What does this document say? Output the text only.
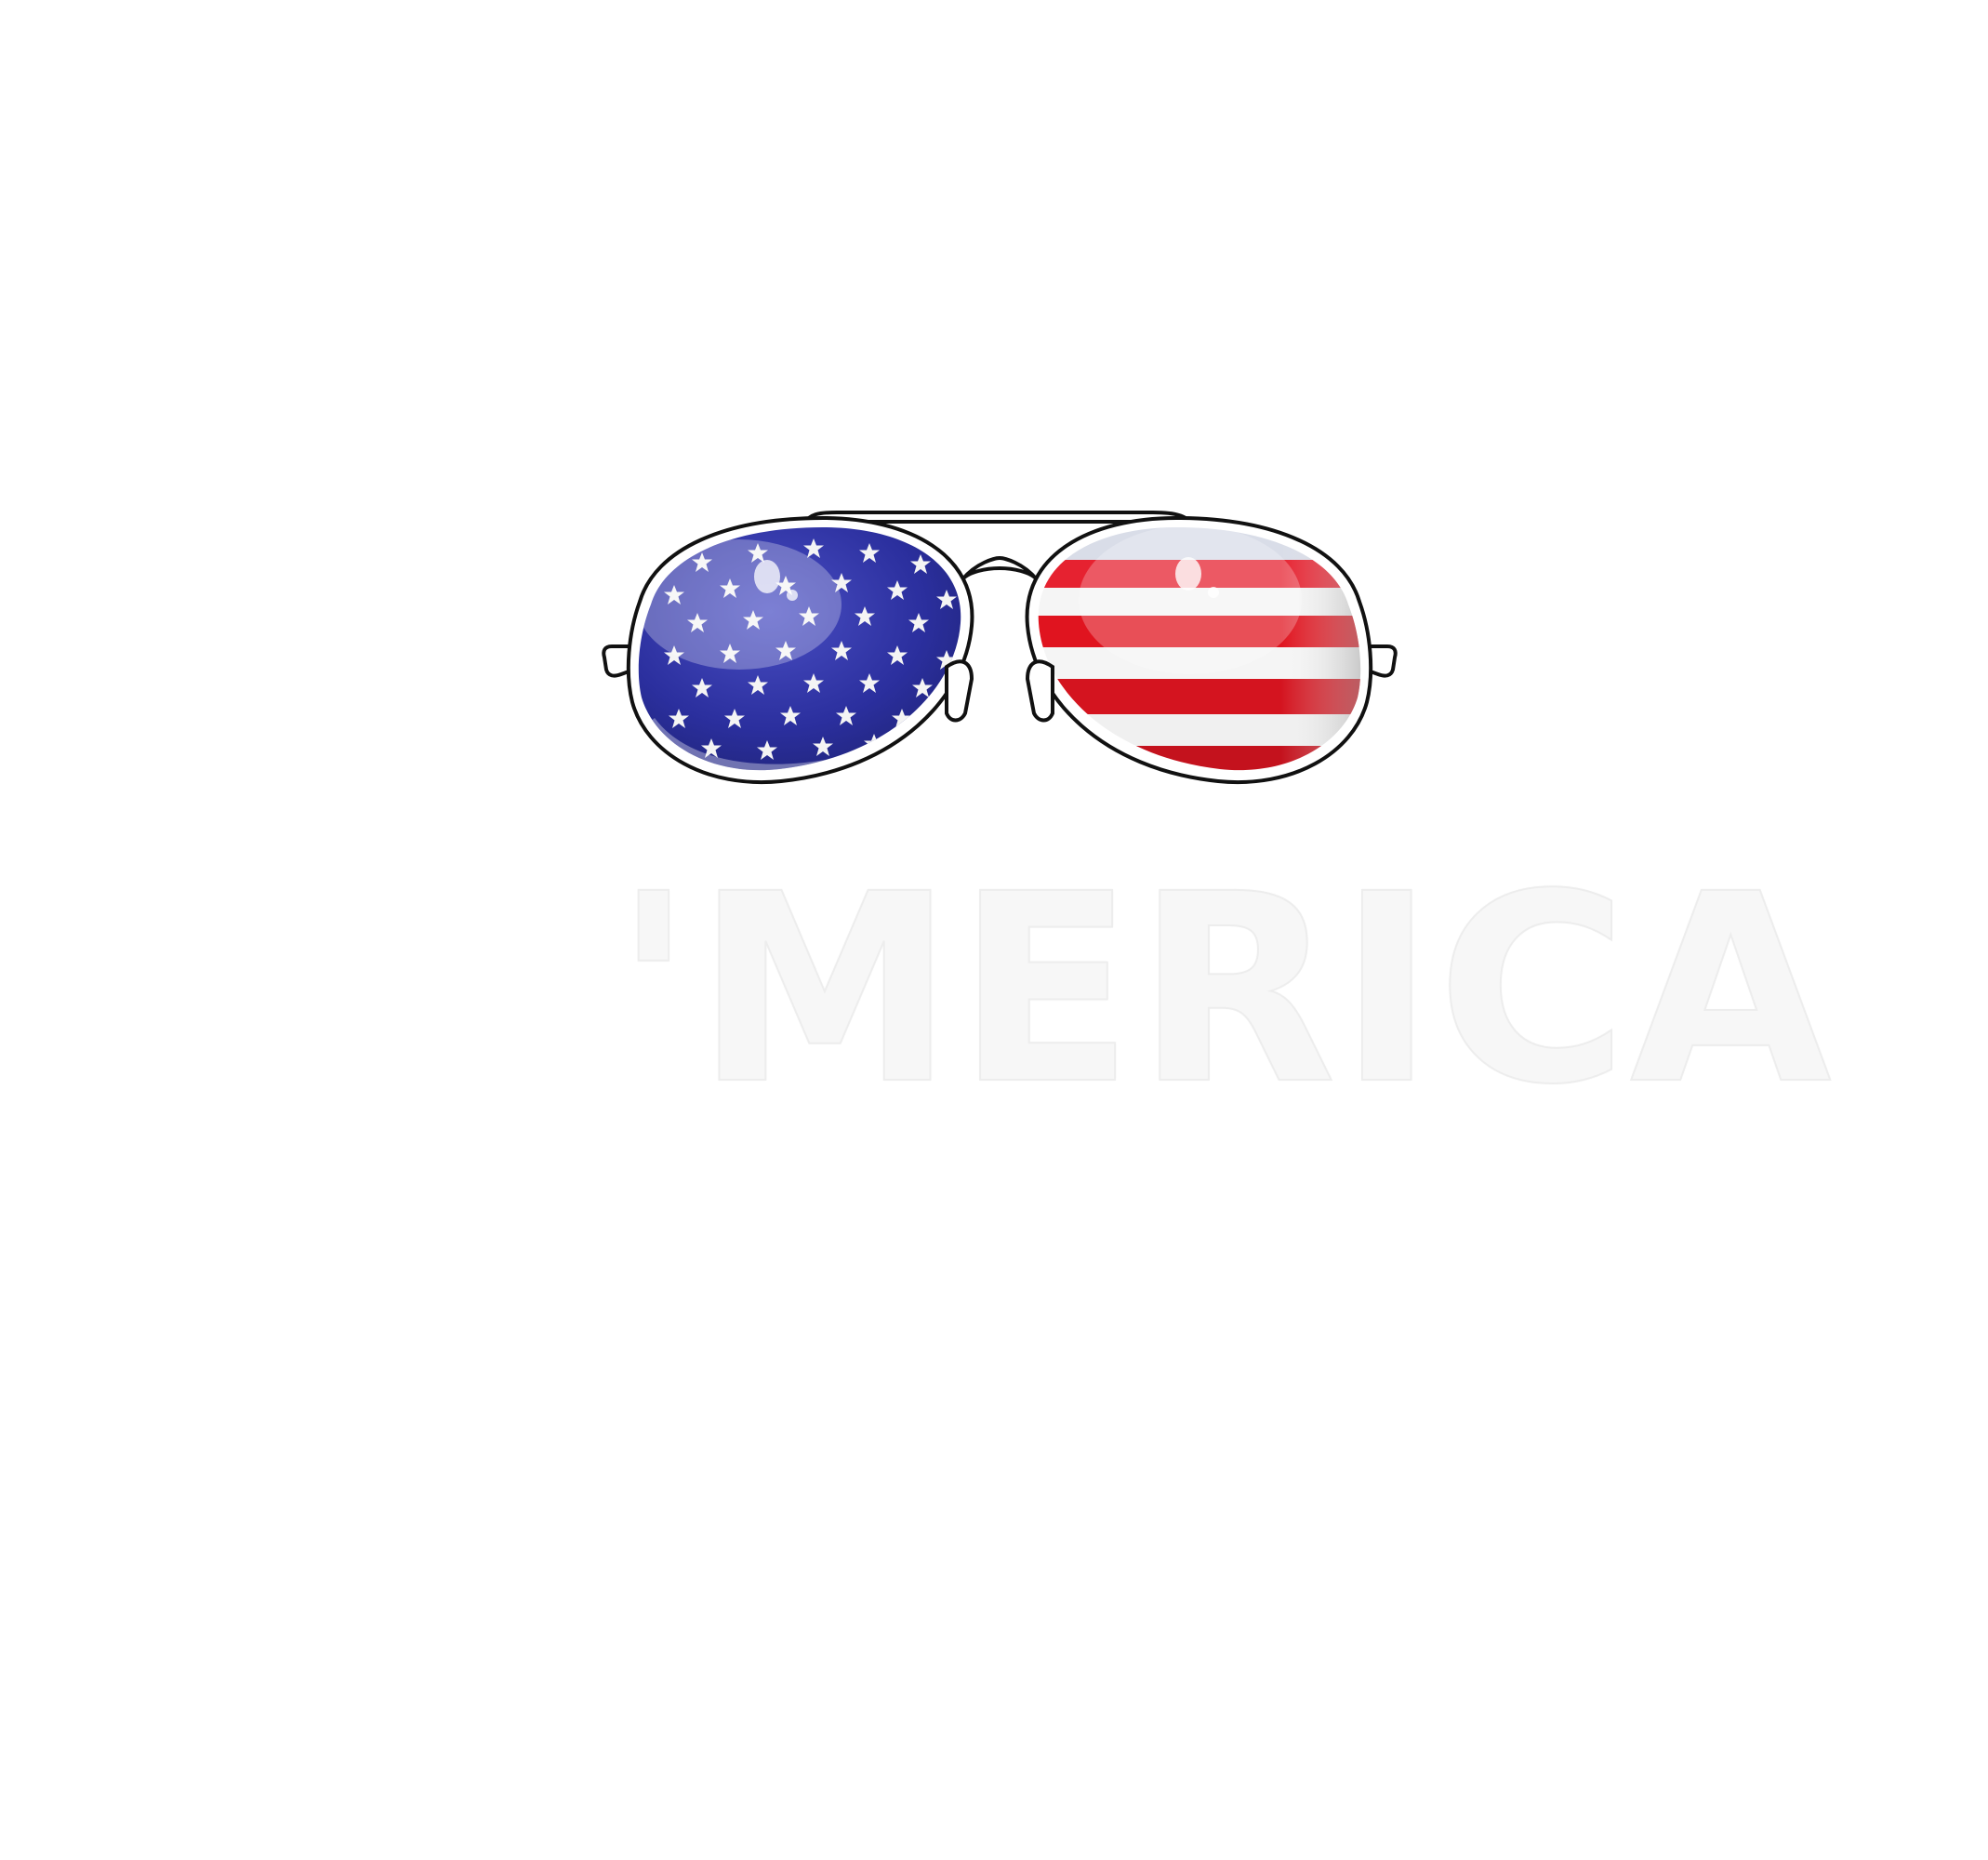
'MERICA
